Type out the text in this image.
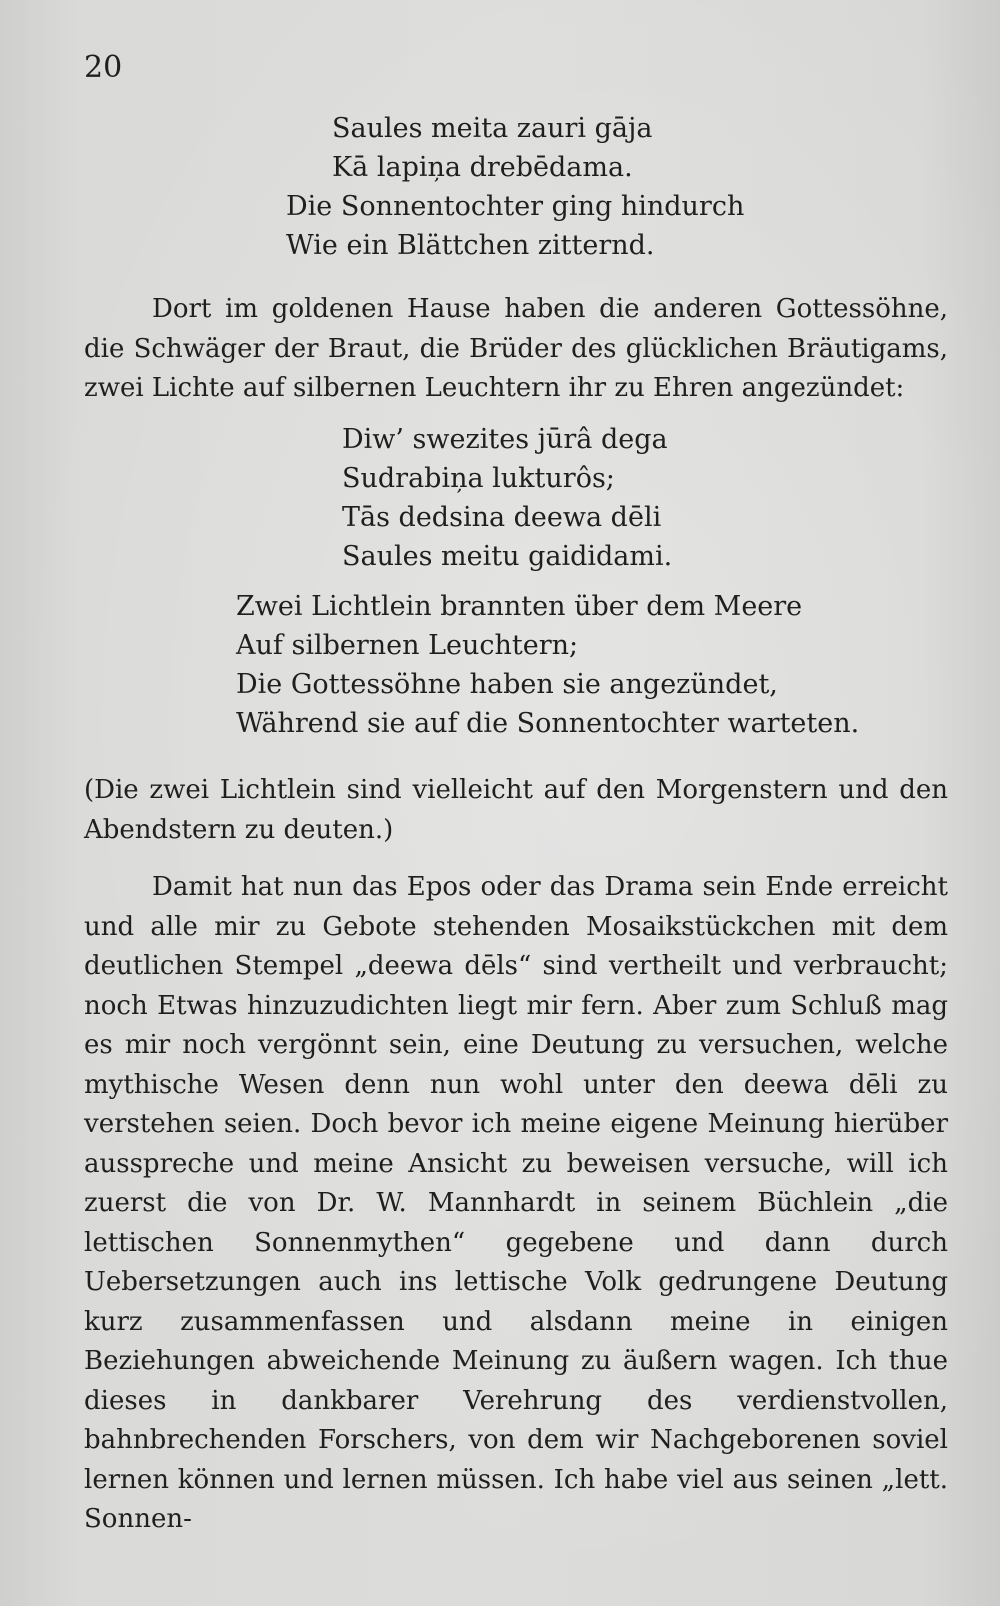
20
Saules meita zauri gāja
Kā lapiņa drebēdama.
Die Sonnentochter ging hindurch
Wie ein Blättchen zitternd.
Dort im goldenen Hause haben die anderen Gottessöhne, die Schwäger der Braut, die Brüder des glücklichen Bräutigams, zwei Lichte auf silbernen Leuchtern ihr zu Ehren angezündet:
Diw’ swezites jūrâ dega
Sudrabiņa lukturôs;
Tās dedsina deewa dēli
Saules meitu gaididami.
Zwei Lichtlein brannten über dem Meere
Auf silbernen Leuchtern;
Die Gottessöhne haben sie angezündet,
Während sie auf die Sonnentochter warteten.
(Die zwei Lichtlein sind vielleicht auf den Morgenstern und den Abendstern zu deuten.)
Damit hat nun das Epos oder das Drama sein Ende erreicht und alle mir zu Gebote stehenden Mosaikstückchen mit dem deutlichen Stempel „deewa dēls“ sind vertheilt und verbraucht; noch Etwas hinzuzudichten liegt mir fern. Aber zum Schluß mag es mir noch vergönnt sein, eine Deutung zu versuchen, welche mythische Wesen denn nun wohl unter den deewa dēli zu verstehen seien. Doch bevor ich meine eigene Meinung hierüber ausspreche und meine Ansicht zu beweisen versuche, will ich zuerst die von Dr. W. Mannhardt in seinem Büchlein „die lettischen Sonnenmythen“ gegebene und dann durch Uebersetzungen auch ins lettische Volk gedrungene Deutung kurz zusammenfassen und alsdann meine in einigen Beziehungen abweichende Meinung zu äußern wagen. Ich thue dieses in dankbarer Verehrung des verdienstvollen, bahnbrechenden Forschers, von dem wir Nachgeborenen soviel lernen können und lernen müssen. Ich habe viel aus seinen „lett. Sonnen-
